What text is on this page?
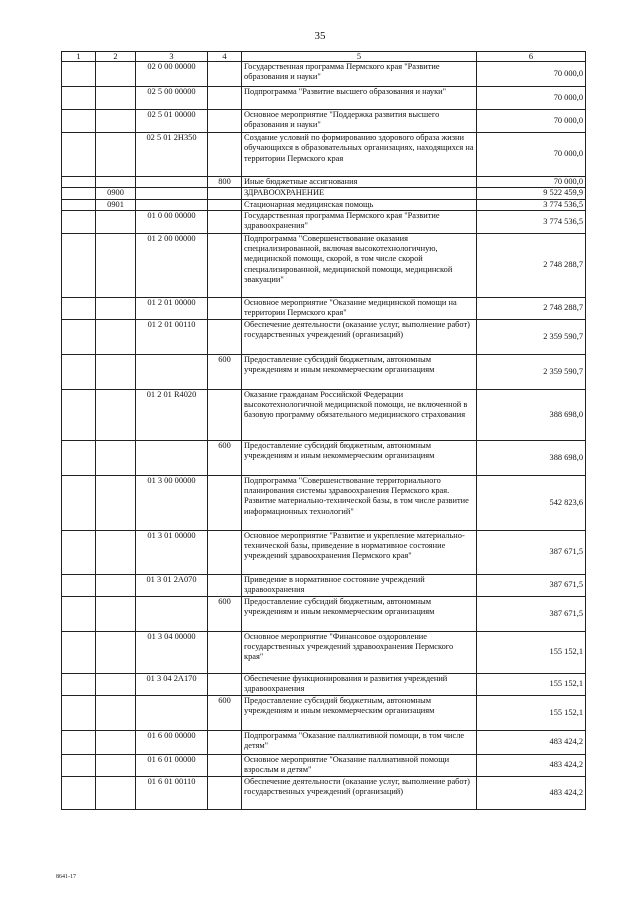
35
1	2	3	4	5	6
		02 0 00 00000		Государственная программа Пермского края "Развитие образования и науки"	70 000,0
		02 5 00 00000		Подпрограмма "Развитие высшего образования и науки"	70 000,0
		02 5 01 00000		Основное мероприятие "Поддержка развития высшего образования и науки"	70 000,0
		02 5 01 2Н350		Создание условий по формированию здорового образа жизни обучающихся в образовательных организациях, находящихся на территории Пермского края	70 000,0
			800	Иные бюджетные ассигнования	70 000,0
	0900			ЗДРАВООХРАНЕНИЕ	9 522 459,9
	0901			Стационарная медицинская помощь	3 774 536,5
		01 0 00 00000		Государственная программа Пермского края "Развитие здравоохранения"	3 774 536,5
		01 2 00 00000		Подпрограмма "Совершенствование оказания специализированной, включая высокотехнологичную, медицинской помощи, скорой, в том числе скорой специализированной, медицинской помощи, медицинской эвакуации"	2 748 288,7
		01 2 01 00000		Основное мероприятие "Оказание медицинской помощи на территории Пермского края"	2 748 288,7
		01 2 01 00110		Обеспечение деятельности (оказание услуг, выполнение работ) государственных учреждений (организаций)	2 359 590,7
			600	Предоставление субсидий бюджетным, автономным учреждениям и иным некоммерческим организациям	2 359 590,7
		01 2 01 R4020		Оказание гражданам Российской Федерации высокотехнологичной медицинской помощи, не включенной в базовую программу обязательного медицинского страхования	388 698,0
			600	Предоставление субсидий бюджетным, автономным учреждениям и иным некоммерческим организациям	388 698,0
		01 3 00 00000		Подпрограмма "Совершенствование территориального планирования системы здравоохранения Пермского края. Развитие материально-технической базы, в том числе развитие информационных технологий"	542 823,6
		01 3 01 00000		Основное мероприятие "Развитие и укрепление материально-технической базы, приведение в нормативное состояние учреждений здравоохранения Пермского края"	387 671,5
		01 3 01 2А070		Приведение в нормативное состояние учреждений здравоохранения	387 671,5
			600	Предоставление субсидий бюджетным, автономным учреждениям и иным некоммерческим организациям	387 671,5
		01 3 04 00000		Основное мероприятие "Финансовое оздоровление государственных учреждений здравоохранения Пермского края"	155 152,1
		01 3 04 2А170		Обеспечение функционирования и развития учреждений здравоохранения	155 152,1
			600	Предоставление субсидий бюджетным, автономным учреждениям и иным некоммерческим организациям	155 152,1
		01 6 00 00000		Подпрограмма "Оказание паллиативной помощи, в том числе детям"	483 424,2
		01 6 01 00000		Основное мероприятие "Оказание паллиативной помощи взрослым и детям"	483 424,2
		01 6 01 00110		Обеспечение деятельности (оказание услуг, выполнение работ) государственных учреждений (организаций)	483 424,2
8641-17
